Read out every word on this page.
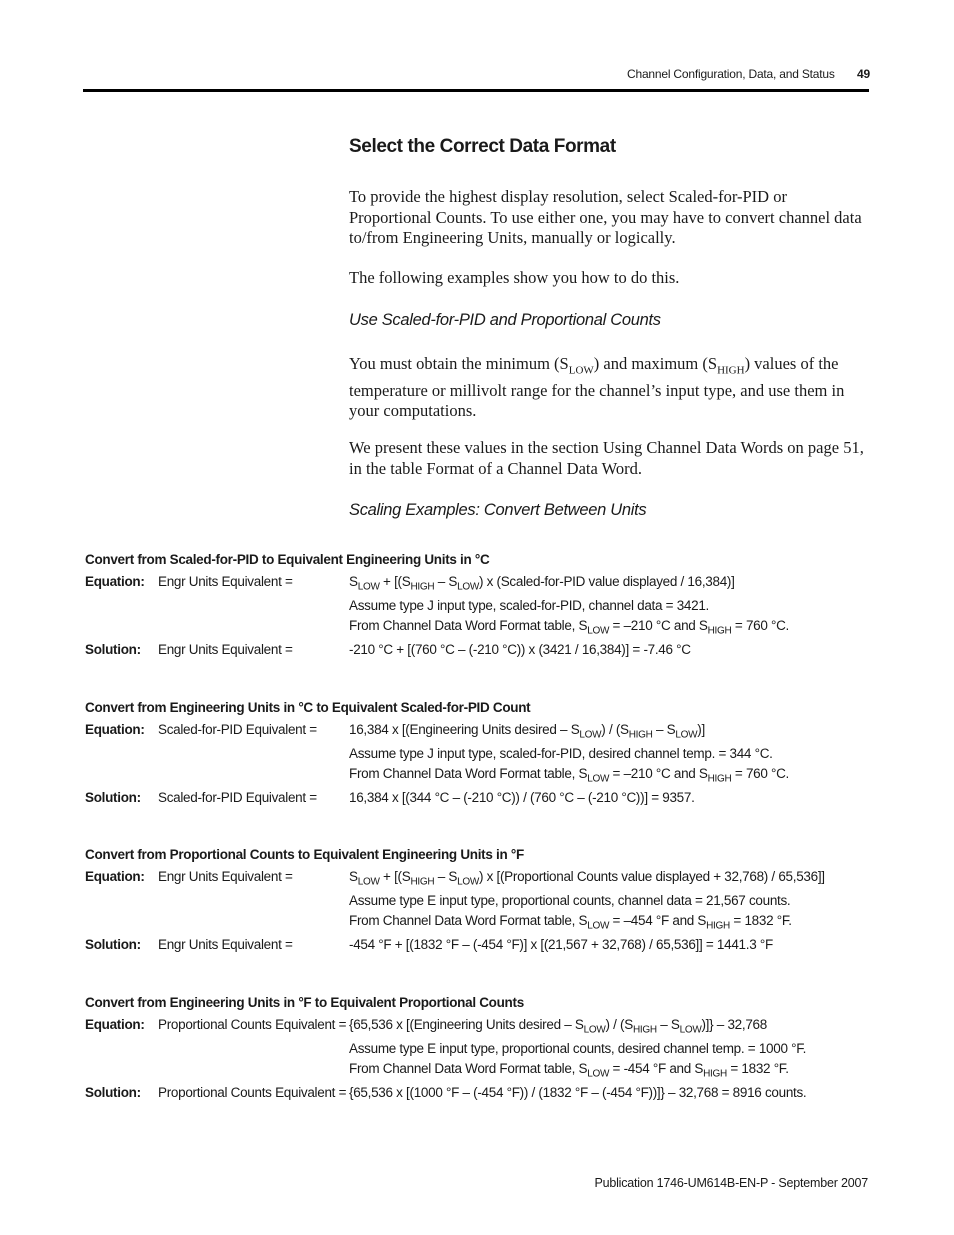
Channel Configuration, Data, and Status 49
Select the Correct Data Format

To provide the highest display resolution, select Scaled-for-PID or Proportional Counts. To use either one, you may have to convert channel data to/from Engineering Units, manually or logically.

The following examples show you how to do this.

Use Scaled-for-PID and Proportional Counts

You must obtain the minimum $(S_{LOW})$ and maximum $(S_{HIGH})$ values of the temperature or millivolt range for the channel’s input type, and use them in your computations.

We present these values in the section Using Channel Data Words on page 51, in the table Format of a Channel Data Word.

Scaling Examples: Convert Between Units
Convert from Scaled-for-PID to Equivalent Engineering Units in °C
Equation: Engr Units Equivalent =	$S_{LOW} + [(S_{HIGH} - S_{LOW})$ x (Scaled-for-PID value displayed / 16,384)]
Assume type J input type, scaled-for-PID, channel data = 3421.
From Channel Data Word Format table, $S_{LOW} = -210$ °C and $S_{HIGH} = 760$ °C.
Solution: Engr Units Equivalent =	-210 °C + [(760 °C – (-210 °C)) x (3421 / 16,384)] = -7.46 °C
Convert from Engineering Units in °C to Equivalent Scaled-for-PID Count
Equation: Scaled-for-PID Equivalent = 16,384 x [(Engineering Units desired – $S_{LOW}) / (S_{HIGH} - S_{LOW})$]
Assume type J input type, scaled-for-PID, desired channel temp. = 344 °C.
From Channel Data Word Format table, $S_{LOW} = -210$ °C and $S_{HIGH} = 760$ °C.
Solution: Scaled-for-PID Equivalent = 16,384 x [(344 °C – (-210 °C)) / (760 °C – (-210 °C))] = 9357.
Convert from Proportional Counts to Equivalent Engineering Units in °F
Equation: Engr Units Equivalent =	$S_{LOW} + [(S_{HIGH} - S_{LOW})$ x [(Proportional Counts value displayed + 32,768) / 65,536]]
Assume type E input type, proportional counts, channel data = 21,567 counts.
From Channel Data Word Format table, $S_{LOW} = -454$ °F and $S_{HIGH} = 1832$ °F.
Solution: Engr Units Equivalent =	-454 °F + [(1832 °F – (-454 °F)] x [(21,567 + 32,768) / 65,536]] = 1441.3 °F
Convert from Engineering Units in °F to Equivalent Proportional Counts
Equation: Proportional Counts Equivalent = {65,536 x [(Engineering Units desired – $S_{LOW}) / (S_{HIGH} - S_{LOW})]\} - 32,768$
Assume type E input type, proportional counts, desired channel temp. = 1000 °F.
From Channel Data Word Format table, $S_{LOW} = -454$ °F and $S_{HIGH} = 1832$ °F.
Solution: Proportional Counts Equivalent = {65,536 x [(1000 °F – (-454 °F)) / (1832 °F – (-454 °F))]} – 32,768 = 8916 counts.
Publication 1746-UM614B-EN-P - September 2007
